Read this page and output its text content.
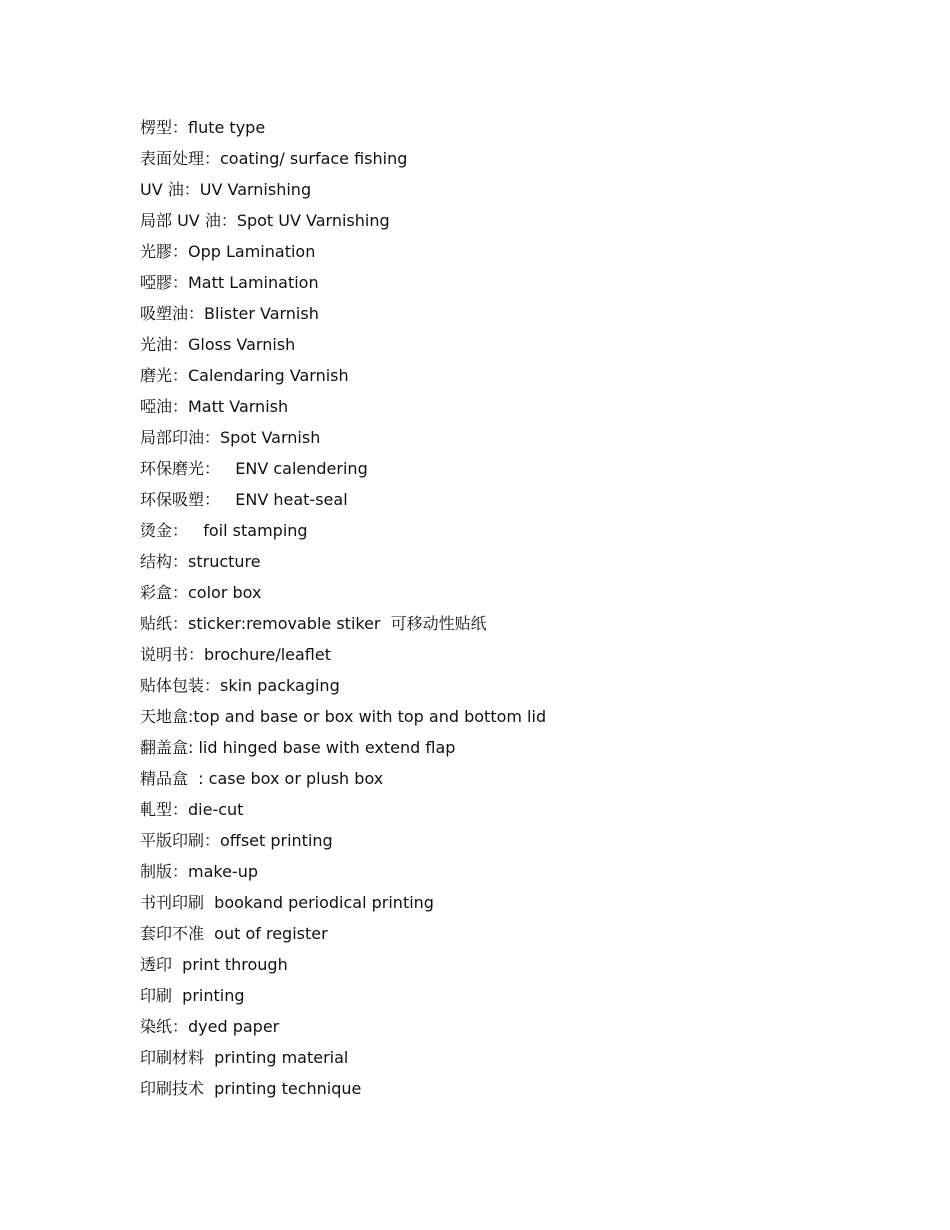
楞型：flute type
表面处理：coating/ surface fishing
UV 油：UV Varnishing
局部 UV 油：Spot UV Varnishing
光膠：Opp Lamination
啞膠：Matt Lamination
吸塑油：Blister Varnish
光油：Gloss Varnish
磨光：Calendaring Varnish
啞油：Matt Varnish
局部印油：Spot Varnish
环保磨光：   ENV calendering
环保吸塑：   ENV heat-seal
烫金：   foil stamping
结构：structure
彩盒：color box
贴纸：sticker:removable stiker  可移动性贴纸
说明书：brochure/leaflet
贴体包装：skin packaging
天地盒:top and base or box with top and bottom lid
翻盖盒: lid hinged base with extend flap
精品盒  : case box or plush box
軋型：die-cut
平版印刷：offset printing
制版：make-up
书刊印刷  bookand periodical printing
套印不准  out of register
透印  print through
印刷  printing
染纸：dyed paper
印刷材料  printing material
印刷技术  printing technique
